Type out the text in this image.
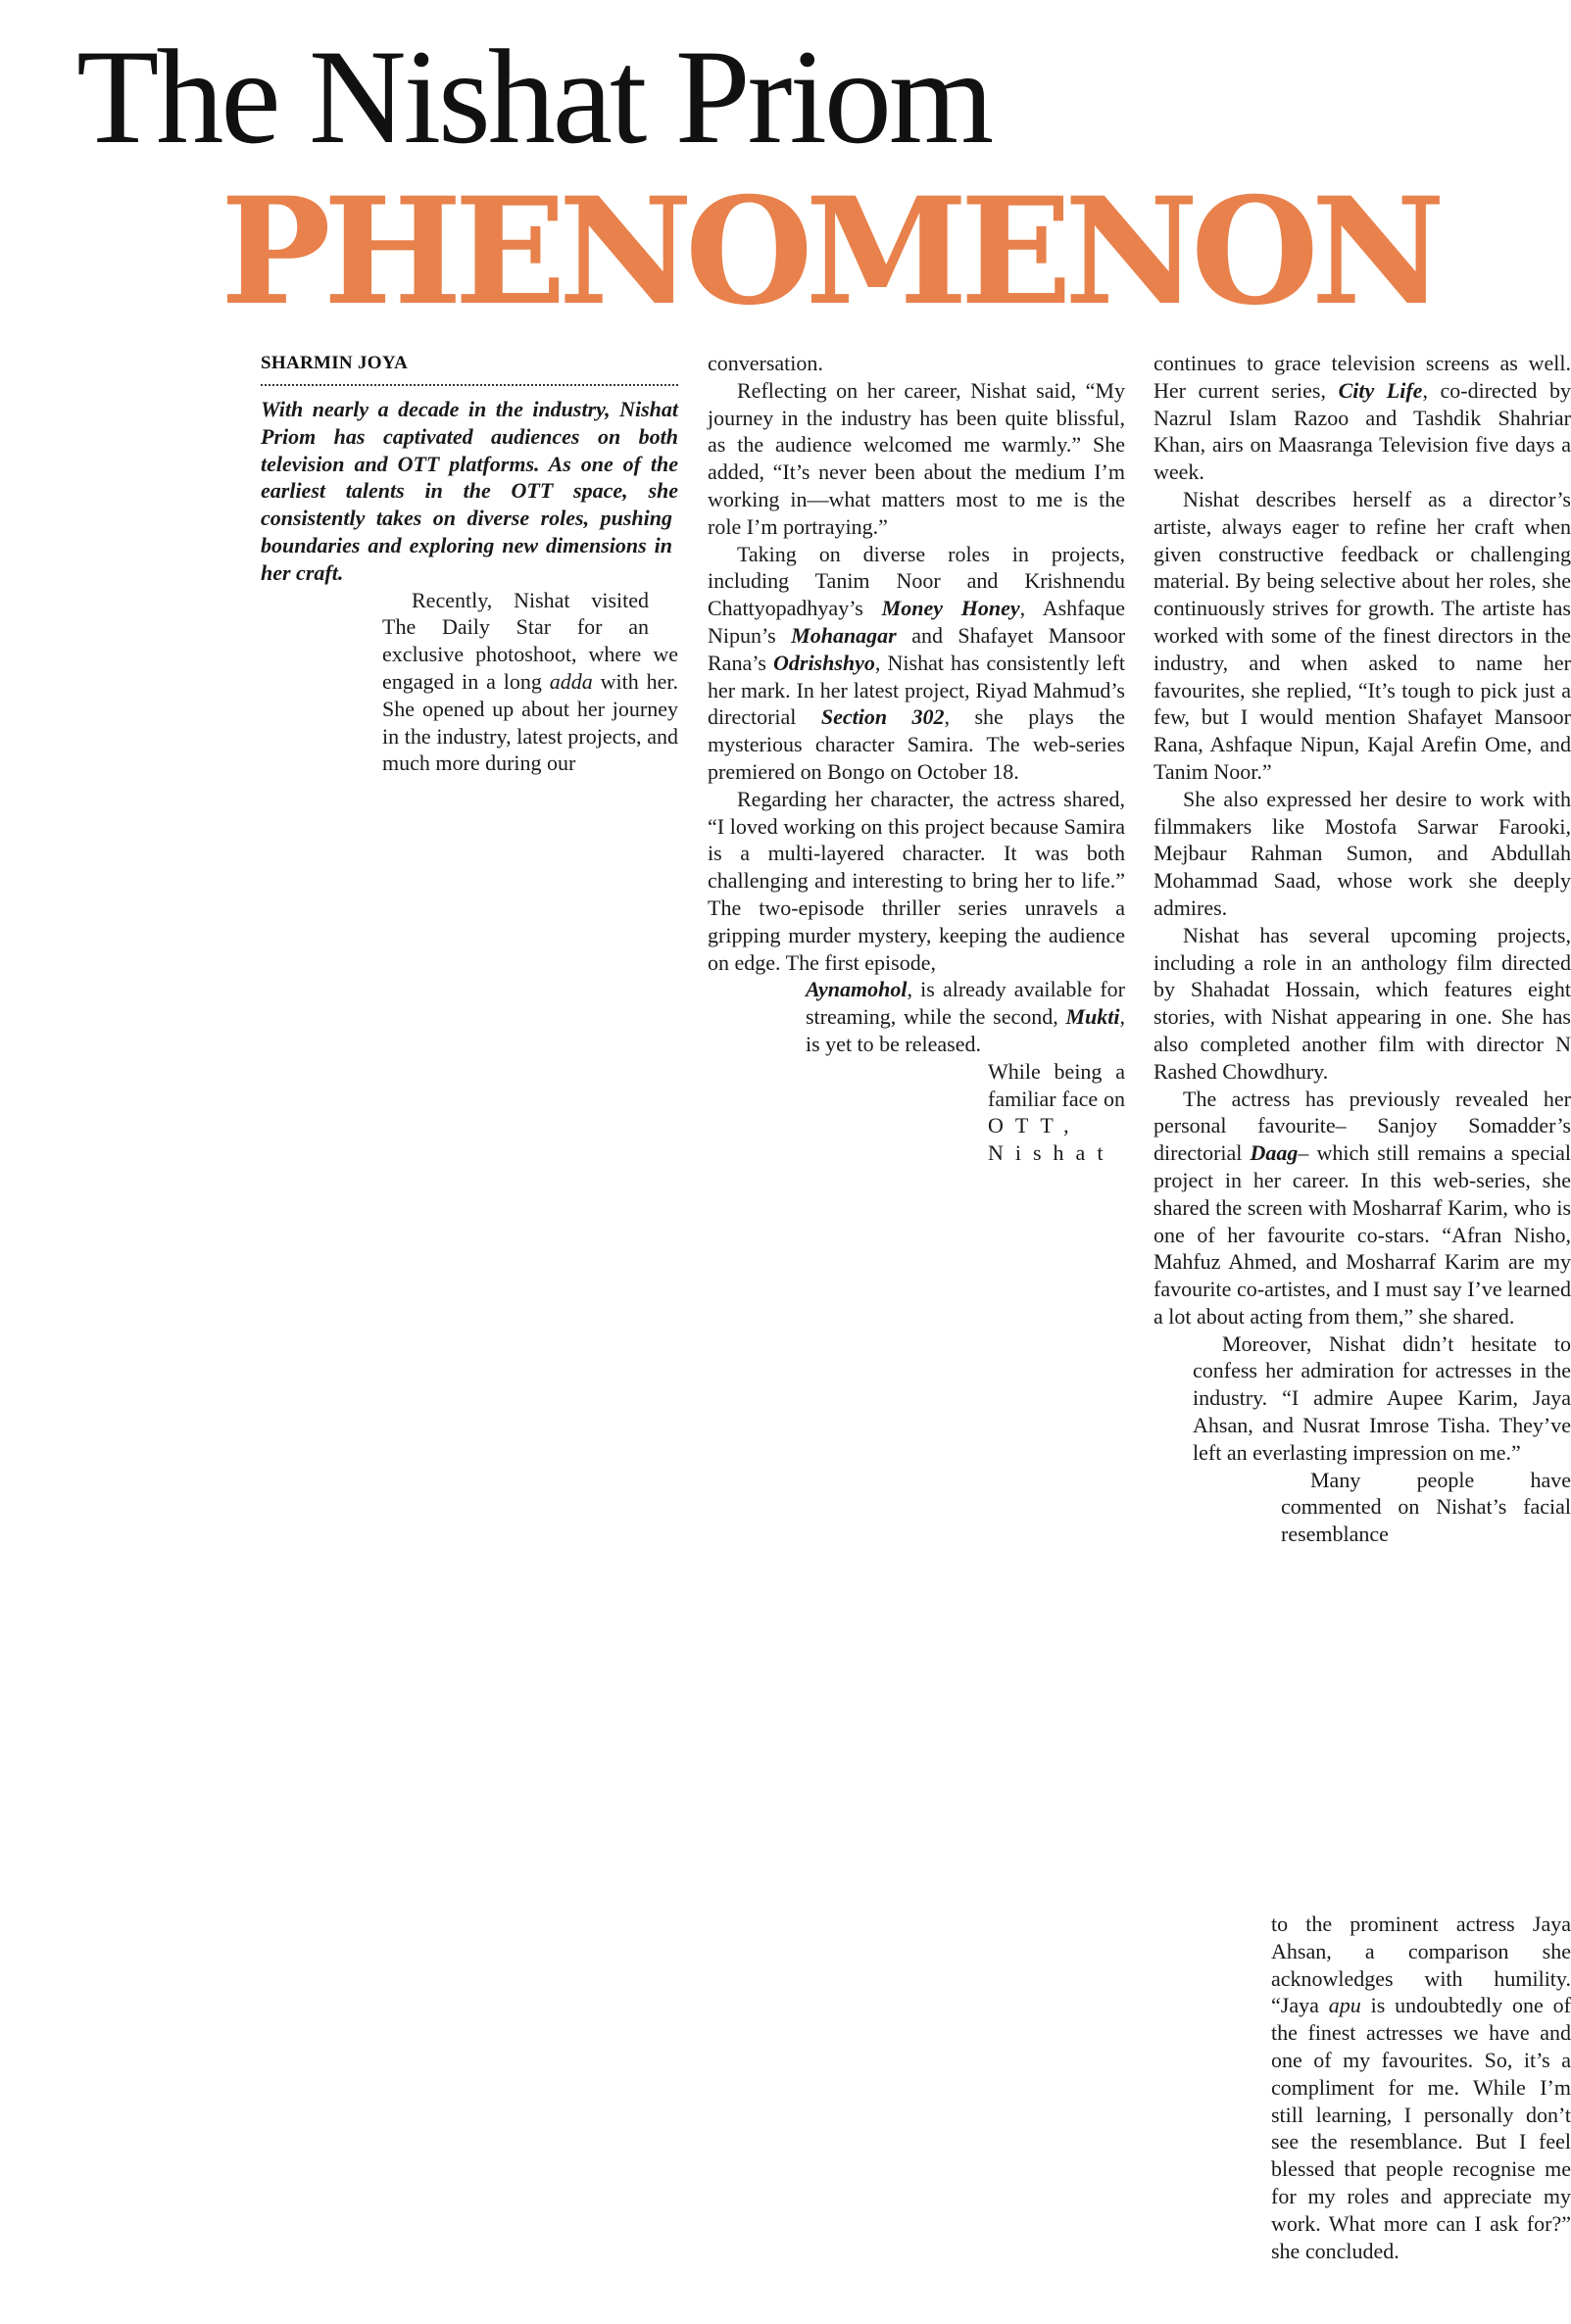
The Nishat Priom
PHENOMENON
SHARMIN JOYA

With nearly a decade in the industry, Nishat Priom has captivated audiences on both television and OTT platforms. As one of the earliest talents in the OTT space, she consistently takes on diverse roles, pushing boundaries and exploring new dimensions in her craft.

Recently, Nishat visited The Daily Star for an exclusive photoshoot, where we engaged in a long adda with her. She opened up about her journey in the industry, latest projects, and much more during our

conversation.

Reflecting on her career, Nishat said, “My journey in the industry has been quite blissful, as the audience welcomed me warmly.” She added, “It’s never been about the medium I’m working in—what matters most to me is the role I’m portraying.”

Taking on diverse roles in projects, including Tanim Noor and Krishnendu Chattyopadhyay’s Money Honey, Ashfaque Nipun’s Mohanagar and Shafayet Mansoor Rana’s Odrishshyo, Nishat has consistently left her mark. In her latest project, Riyad Mahmud’s directorial Section 302, she plays the mysterious character Samira. The web-series premiered on Bongo on October 18.

Regarding her character, the actress shared, “I loved working on this project because Samira is a multi-layered character. It was both challenging and interesting to bring her to life.” The two-episode thriller series unravels a gripping murder mystery, keeping the audience on edge. The first episode,

Aynamohol, is already available for streaming, while the second, Mukti, is yet to be released.

While being a familiar face on OTT, Nishat

continues to grace television screens as well. Her current series, City Life, co-directed by Nazrul Islam Razoo and Tashdik Shahriar Khan, airs on Maasranga Television five days a week.

Nishat describes herself as a director’s artiste, always eager to refine her craft when given constructive feedback or challenging material. By being selective about her roles, she continuously strives for growth. The artiste has worked with some of the finest directors in the industry, and when asked to name her favourites, she replied, “It’s tough to pick just a few, but I would mention Shafayet Mansoor Rana, Ashfaque Nipun, Kajal Arefin Ome, and Tanim Noor.”

She also expressed her desire to work with filmmakers like Mostofa Sarwar Farooki, Mejbaur Rahman Sumon, and Abdullah Mohammad Saad, whose work she deeply admires.

Nishat has several upcoming projects, including a role in an anthology film directed by Shahadat Hossain, which features eight stories, with Nishat appearing in one. She has also completed another film with director N Rashed Chowdhury.

The actress has previously revealed her personal favourite– Sanjoy Somadder’s directorial Daag– which still remains a special project in her career. In this web-series, she shared the screen with Mosharraf Karim, who is one of her favourite co-stars. “Afran Nisho, Mahfuz Ahmed, and Mosharraf Karim are my favourite co-artistes, and I must say I’ve learned a lot about acting from them,” she shared.

Moreover, Nishat didn’t hesitate to confess her admiration for actresses in the industry. “I admire Aupee Karim, Jaya Ahsan, and Nusrat Imrose Tisha. They’ve left an everlasting impression on me.”

Many people have commented on Nishat’s facial resemblance

to the prominent actress Jaya Ahsan, a comparison she acknowledges with humility. “Jaya apu is undoubtedly one of the finest actresses we have and one of my favourites. So, it’s a compliment for me. While I’m still learning, I personally don’t see the resemblance. But I feel blessed that people recognise me for my roles and appreciate my work. What more can I ask for?” she concluded.
